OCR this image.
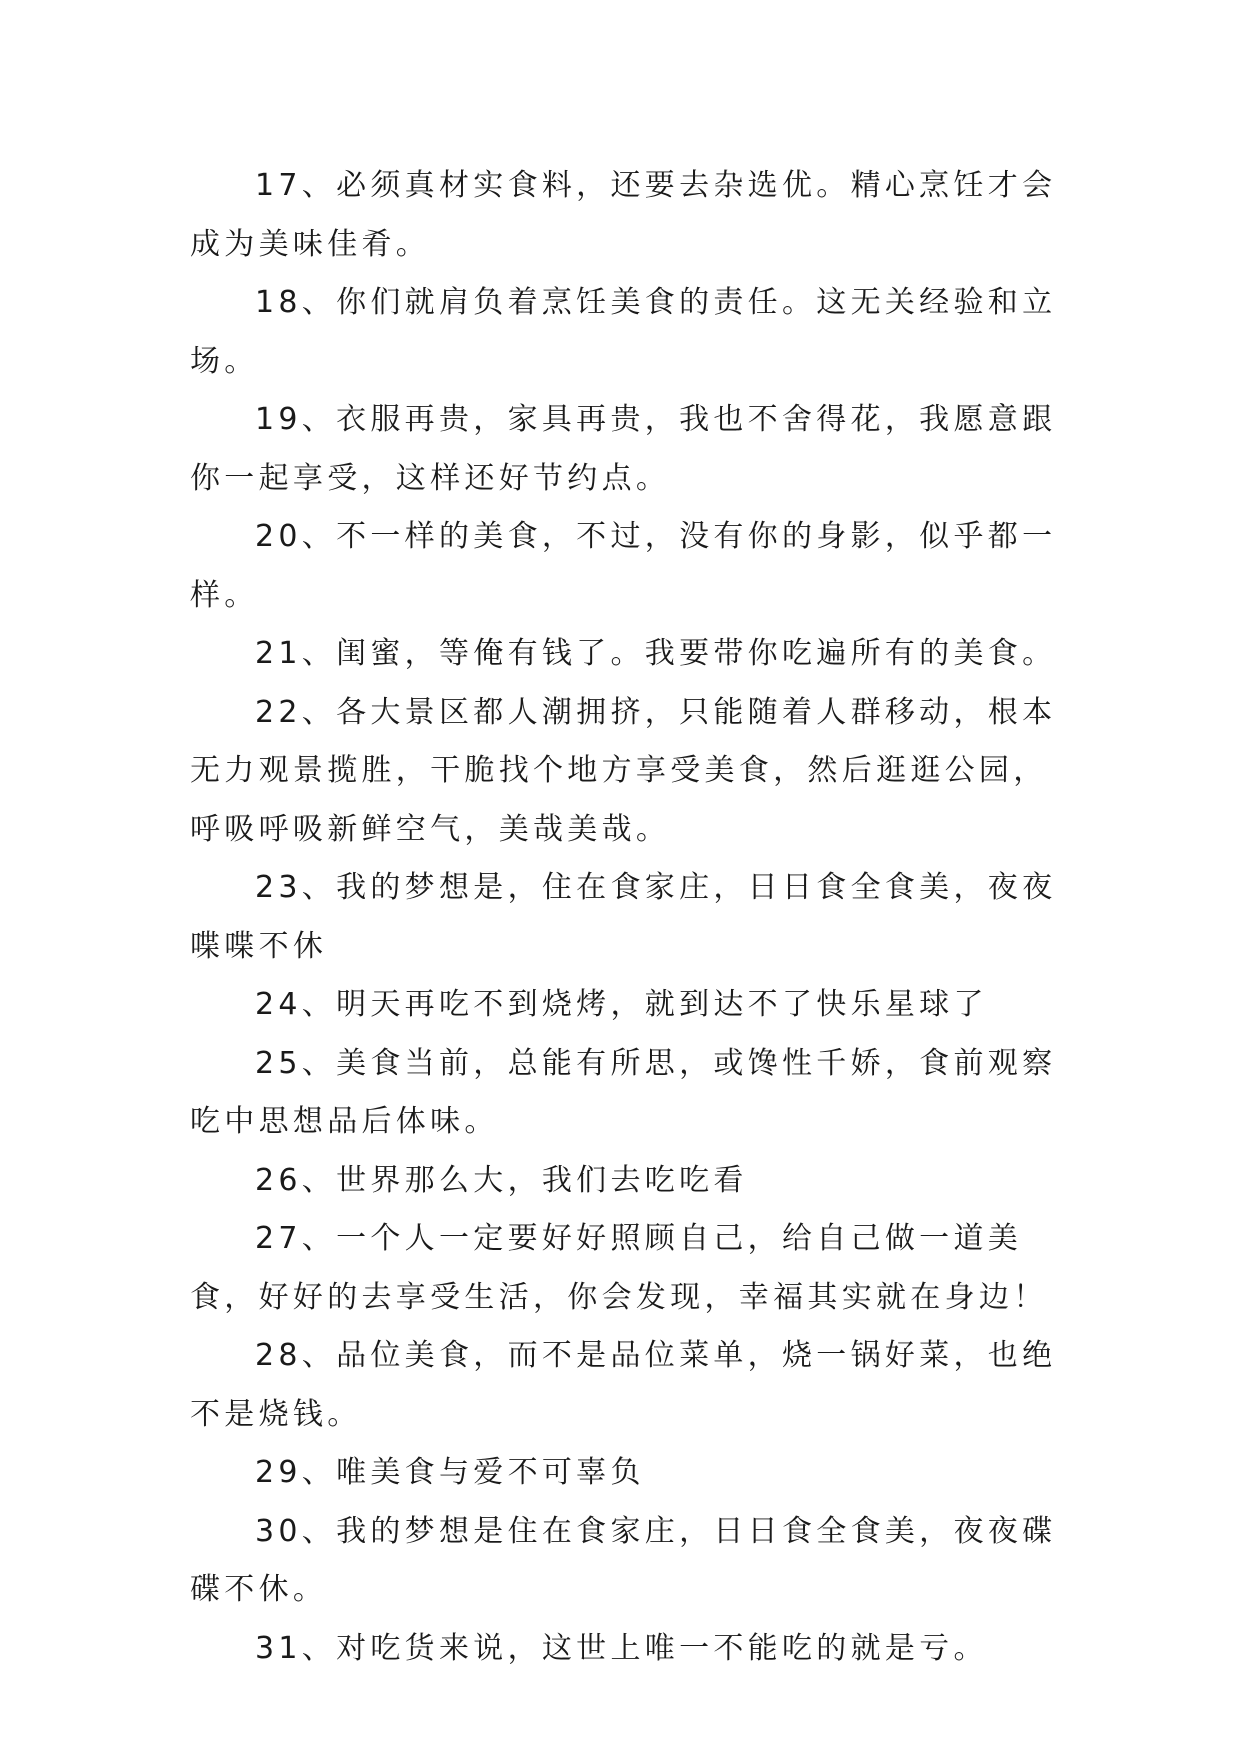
17、必须真材实食料，还要去杂选优。精心烹饪才会成为美味佳肴。

18、你们就肩负着烹饪美食的责任。这无关经验和立场。

19、衣服再贵，家具再贵，我也不舍得花，我愿意跟你一起享受，这样还好节约点。

20、不一样的美食，不过，没有你的身影，似乎都一样。

21、闺蜜，等俺有钱了。我要带你吃遍所有的美食。

22、各大景区都人潮拥挤，只能随着人群移动，根本无力观景揽胜，干脆找个地方享受美食，然后逛逛公园，呼吸呼吸新鲜空气，美哉美哉。

23、我的梦想是，住在食家庄，日日食全食美，夜夜喋喋不休

24、明天再吃不到烧烤，就到达不了快乐星球了

25、美食当前，总能有所思，或馋性千娇，食前观察吃中思想品后体味。

26、世界那么大，我们去吃吃看

27、一个人一定要好好照顾自己，给自己做一道美食，好好的去享受生活，你会发现，幸福其实就在身边！

28、品位美食，而不是品位菜单，烧一锅好菜，也绝不是烧钱。

29、唯美食与爱不可辜负

30、我的梦想是住在食家庄，日日食全食美，夜夜碟碟不休。

31、对吃货来说，这世上唯一不能吃的就是亏。
